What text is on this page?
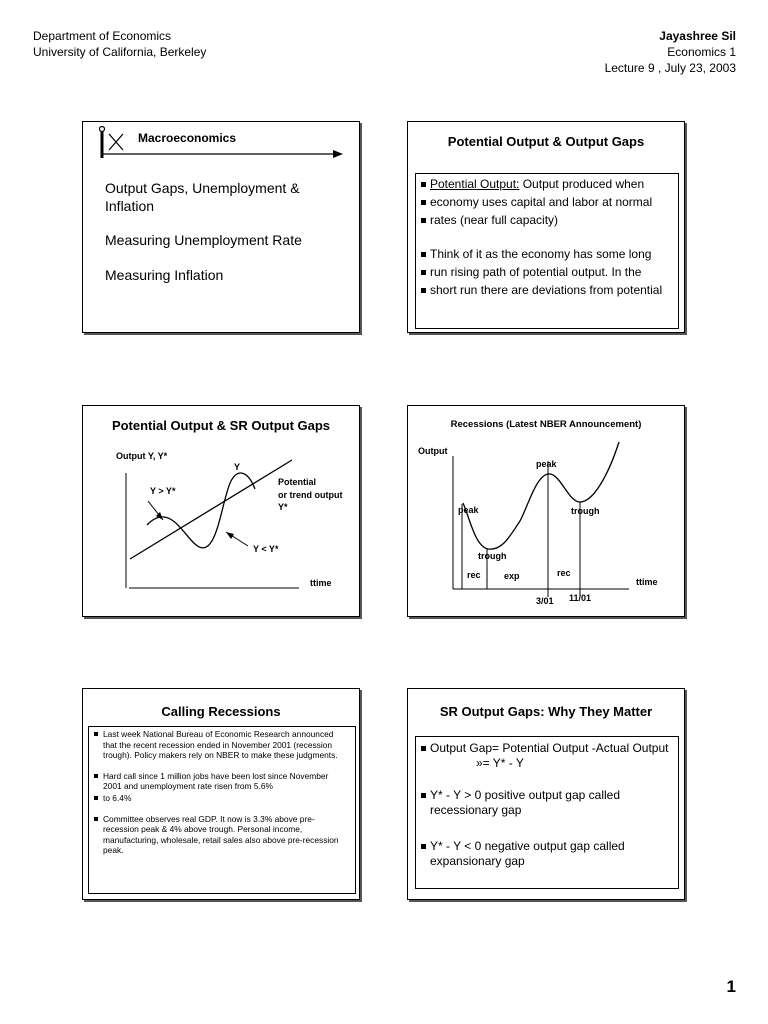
Department of Economics
University of California, Berkeley
Jayashree Sil
Economics 1
Lecture 9 , July 23, 2003
Macroeconomics
Output Gaps, Unemployment &
Inflation
Measuring Unemployment Rate
Measuring Inflation
Potential Output & Output Gaps
Potential Output: Output produced when
economy uses capital and labor at normal
rates (near full capacity)
Think of it as the economy has some long
run rising path of potential output. In the
short run there are deviations from potential
Potential Output & SR Output Gaps
Output Y, Y*
Y
Y > Y*
Potential
or trend output
Y*
Y < Y*
ttime
Recessions (Latest NBER Announcement)
Output
peak
peak	trough
trough
rec	exp	rec
ttime
3/01 11/01
Calling Recessions
Last week National Bureau of Economic Research announced that the recent recession ended in November 2001 (recession trough). Policy makers rely on NBER to make these judgments.
Hard call since 1 million jobs have been lost since November 2001 and unemployment rate risen from 5.6%
to 6.4%
Committee observes real GDP. It now is 3.3% above pre-recession peak & 4% above trough. Personal income, manufacturing, wholesale, retail sales also above pre-recession peak.
SR Output Gaps: Why They Matter
Output Gap= Potential Output -Actual Output
»= Y* - Y
Y* - Y > 0 positive output gap called recessionary gap
Y* - Y < 0 negative output gap called expansionary gap
1
